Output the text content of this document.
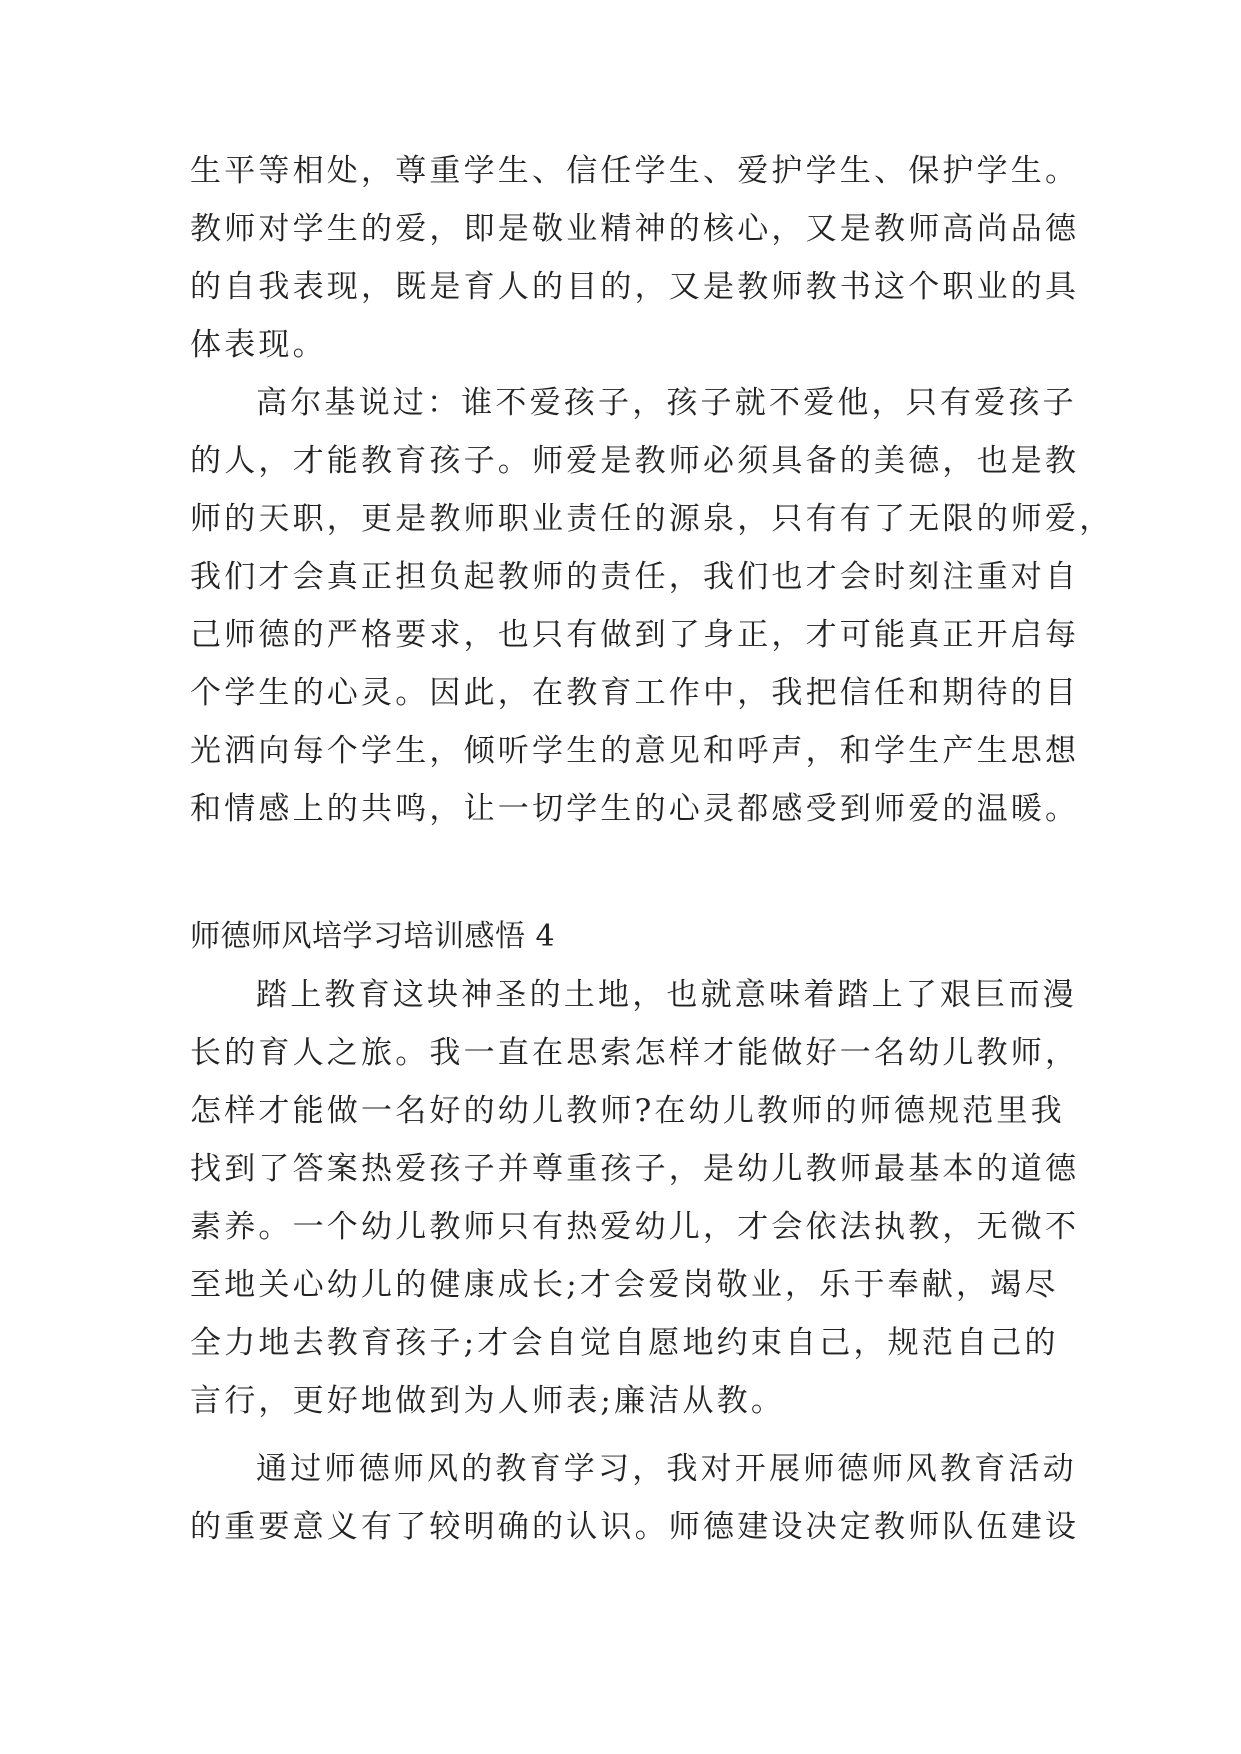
生平等相处，尊重学生、信任学生、爱护学生、保护学生。
教师对学生的爱，即是敬业精神的核心，又是教师高尚品德
的自我表现，既是育人的目的，又是教师教书这个职业的具
体表现。
高尔基说过：谁不爱孩子，孩子就不爱他，只有爱孩子
的人，才能教育孩子。师爱是教师必须具备的美德，也是教
师的天职，更是教师职业责任的源泉，只有有了无限的师爱，
我们才会真正担负起教师的责任，我们也才会时刻注重对自
己师德的严格要求，也只有做到了身正，才可能真正开启每
个学生的心灵。因此，在教育工作中，我把信任和期待的目
光洒向每个学生，倾听学生的意见和呼声，和学生产生思想
和情感上的共鸣，让一切学生的心灵都感受到师爱的温暖。
师德师风培学习培训感悟 4
踏上教育这块神圣的土地，也就意味着踏上了艰巨而漫
长的育人之旅。我一直在思索怎样才能做好一名幼儿教师，
怎样才能做一名好的幼儿教师?在幼儿教师的师德规范里我
找到了答案热爱孩子并尊重孩子，是幼儿教师最基本的道德
素养。一个幼儿教师只有热爱幼儿，才会依法执教，无微不
至地关心幼儿的健康成长;才会爱岗敬业，乐于奉献，竭尽
全力地去教育孩子;才会自觉自愿地约束自己，规范自己的
言行，更好地做到为人师表;廉洁从教。
通过师德师风的教育学习，我对开展师德师风教育活动
的重要意义有了较明确的认识。师德建设决定教师队伍建设
